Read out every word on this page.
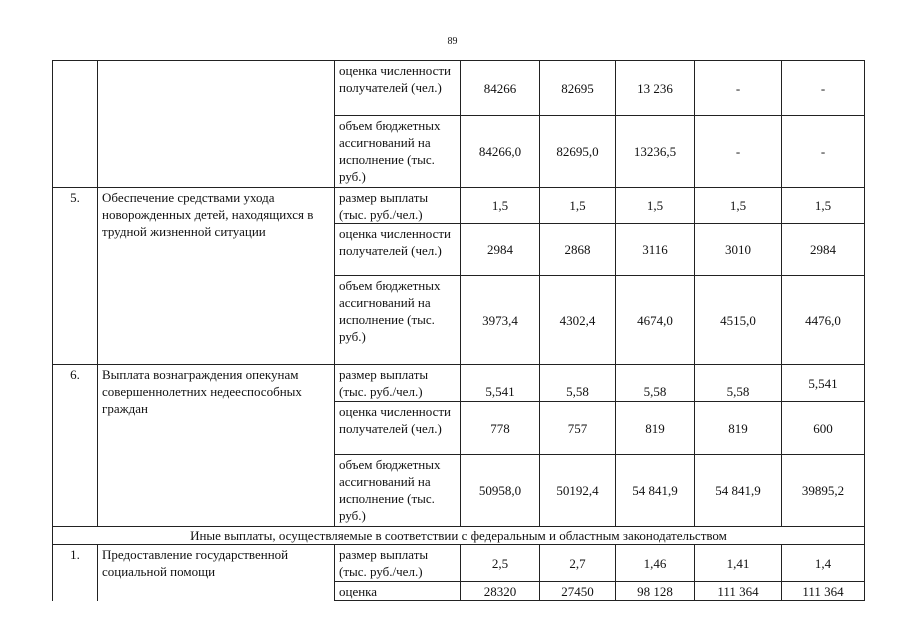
89
		оценка численности получателей (чел.)	84266	82695	13 236	-	-
		объем бюджетных ассигнований на исполнение (тыс. руб.)	84266,0	82695,0	13236,5	-	-
5.	Обеспечение средствами ухода новорожденных детей, находящихся в трудной жизненной ситуации	размер выплаты (тыс. руб./чел.)	1,5	1,5	1,5	1,5	1,5
		оценка численности получателей (чел.)	2984	2868	3116	3010	2984
		объем бюджетных ассигнований на исполнение (тыс. руб.)	3973,4	4302,4	4674,0	4515,0	4476,0
6.	Выплата вознаграждения опекунам совершеннолетних недееспособных граждан	размер выплаты (тыс. руб./чел.)	5,541	5,58	5,58	5,58	5,541
		оценка численности получателей (чел.)	778	757	819	819	600
		объем бюджетных ассигнований на исполнение (тыс. руб.)	50958,0	50192,4	54 841,9	54 841,9	39895,2
Иные выплаты, осуществляемые в соответствии с федеральным и областным законодательством							
1.	Предоставление государственной социальной помощи	размер выплаты (тыс. руб./чел.)	2,5	2,7	1,46	1,41	1,4
		оценка	28320	27450	98 128	111 364	111 364
